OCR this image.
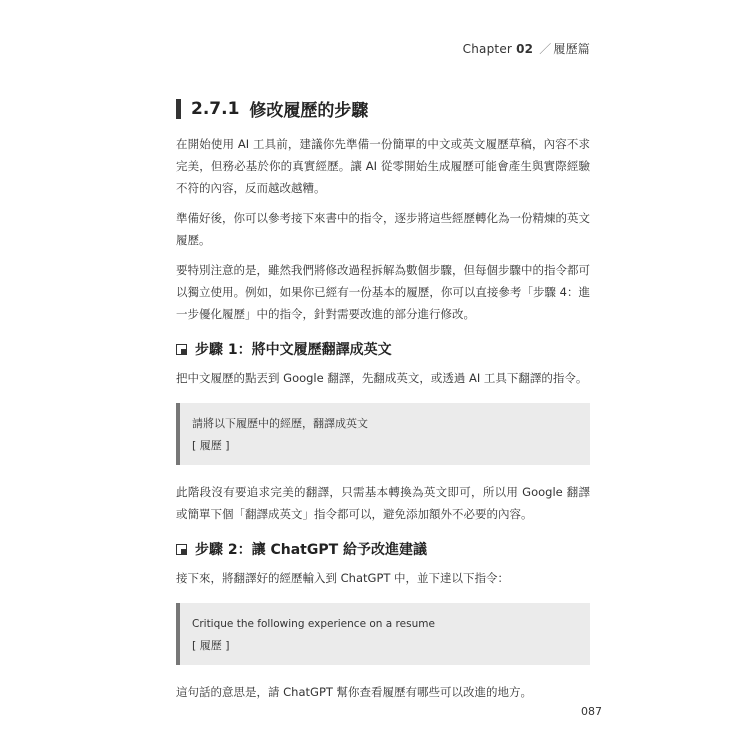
Chapter 02 ／ 履歷篇
2.7.1 修改履歷的步驟

在開始使用 AI 工具前，建議你先準備一份簡單的中文或英文履歷草稿，內容不求完美，但務必基於你的真實經歷。讓 AI 從零開始生成履歷可能會產生與實際經驗不符的內容，反而越改越糟。

準備好後，你可以參考接下來書中的指令，逐步將這些經歷轉化為一份精煉的英文履歷。

要特別注意的是，雖然我們將修改過程拆解為數個步驟，但每個步驟中的指令都可以獨立使用。例如，如果你已經有一份基本的履歷，你可以直接參考「步驟 4：進一步優化履歷」中的指令，針對需要改進的部分進行修改。

步驟 1：將中文履歷翻譯成英文

把中文履歷的點丟到 Google 翻譯，先翻成英文，或透過 AI 工具下翻譯的指令。

請將以下履歷中的經歷，翻譯成英文
[ 履歷 ]

此階段沒有要追求完美的翻譯，只需基本轉換為英文即可，所以用 Google 翻譯或簡單下個「翻譯成英文」指令都可以，避免添加額外不必要的內容。

步驟 2：讓 ChatGPT 給予改進建議

接下來，將翻譯好的經歷輸入到 ChatGPT 中，並下達以下指令：

Critique the following experience on a resume
[ 履歷 ]

這句話的意思是，請 ChatGPT 幫你查看履歷有哪些可以改進的地方。

087
